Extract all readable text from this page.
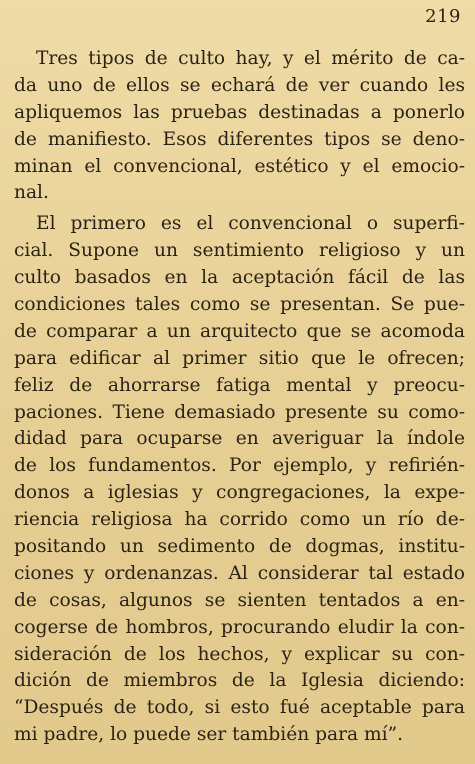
219
Tres tipos de culto hay, y el mérito de ca-
da uno de ellos se echará de ver cuando les
apliquemos las pruebas destinadas a ponerlo
de manifiesto. Esos diferentes tipos se deno-
minan el convencional, estético y el emocio-
nal.
El primero es el convencional o superfi-
cial. Supone un sentimiento religioso y un
culto basados en la aceptación fácil de las
condiciones tales como se presentan. Se pue-
de comparar a un arquitecto que se acomoda
para edificar al primer sitio que le ofrecen;
feliz de ahorrarse fatiga mental y preocu-
paciones. Tiene demasiado presente su como-
didad para ocuparse en averiguar la índole
de los fundamentos. Por ejemplo, y refirién-
donos a iglesias y congregaciones, la expe-
riencia religiosa ha corrido como un río de-
positando un sedimento de dogmas, institu-
ciones y ordenanzas. Al considerar tal estado
de cosas, algunos se sienten tentados a en-
cogerse de hombros, procurando eludir la con-
sideración de los hechos, y explicar su con-
dición de miembros de la Iglesia diciendo:
“Después de todo, si esto fué aceptable para
mi padre, lo puede ser también para mí”.
